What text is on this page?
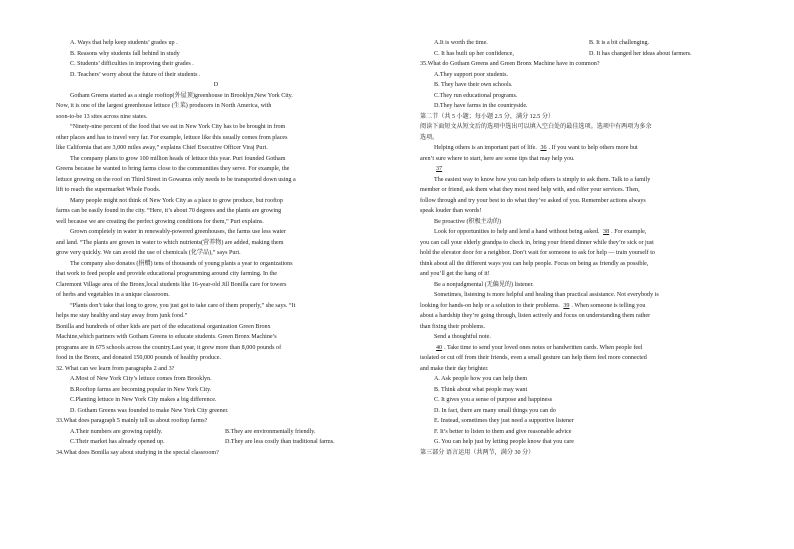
A. Ways that help keep students’ grades up .
B. Reasons why students fall behind in study
C. Students’ difficulties in improving their grades .
D. Teachers’ worry about the future of their students .
D
Gotham Greens started as a single rooftop(外屋顶)greenhouse in Brooklyn,New York City.
Now, it is one of the largest greenhouse lettuce (生菜) producers in North America, with
soon-to-be 13 sites across nine states.
“Ninety-nine percent of the food that we eat in New York City has to be brought in from
other places and has to travel very far. For example, lettuce like this usually comes from places
like California that are 3,000 miles away,” explains Chief Executive Officer Viraj Puri.
The company plans to grow 100 million heads of lettuce this year. Puri founded Gotham
Greens because he wanted to bring farms close to the communities they serve. For example, the
lettuce growing on the roof on Third Street in Gowanus only needs to be transported down using a
lift to reach the supermarket Whole Foods.
Many people might not think of New York City as a place to grow produce, but rooftop
farms can be easily found in the city. “Here, it’s about 70 degrees and the plants are growing
well because we are creating the perfect growing conditions for them,” Puri explains.
Grown completely in water in renewably-powered greenhouses, the farms use less water
and land. “The plants are grown in water to which nutrients(营养物) are added, making them
grow very quickly. We can avoid the use of chemicals (化学品),” says Puri.
The company also donates (捐赠) tens of thousands of young plants a year to organizations
that work to feed people and provide educational programming around city farming. In the
Claremont Village area of the Bronx,local students like 16-year-old Jill Bonilla care for towers
of herbs and vegetables in a unique classroom.
“Plants don’t take that long to grow, you just got to take care of them properly,” she says. “It
helps me stay healthy and stay away from junk food.”
Bonilla and hundreds of other kids are part of the educational organization Green Bronx
Machine,which partners with Gotham Greens to educate students. Green Bronx Machine’s
programs are in 675 schools across the country.Last year, it grew more than 8,000 pounds of
food in the Bronx, and donated 150,000 pounds of healthy produce.
32. What can we learn from paragraphs 2 and 3?
A.Most of New York City’s lettuce comes from Brooklyn.
B.Rooftop farms are becoming popular in New York City.
C.Planting lettuce in New York City makes a big difference.
D. Gotham Greens was founded to make New York City greener.
33.What does paragraph 5 mainly tell us about rooftop farms?
A.Their numbers are growing rapidly.	B.They are environmentally friendly.
C.Their market has already opened up.	D.They are less costly than traditional farms.
34.What does Bonilla say about studying in the special classroom?
A.It is worth the time.	B. It is a bit challenging.
C. It has built up her confidence,	D. It has changed her ideas about farmers.
35.What do Gotham Greens and Green Bronx Machine have in common?
A.They support poor students.
B. They have their own schools.
C.They run educational programs.
D.They have farms in the countryside.
第二节（共 5 小题；每小题 2.5 分，满分 12.5 分）
阅读下面短文从短文后的选项中选出可以填入空白处的最佳选项。选项中有两项为多余
选项。
Helping others is an important part of life. 36 . If you want to help others more but
aren’t sure where to start, here are some tips that may help you.
37
The easiest way to know how you can help others is simply to ask them. Talk to a family
member or friend, ask them what they most need help with, and offer your services. Then,
follow through and try your best to do what they’ve asked of you. Remember actions always
speak louder than words!
Be proactive (积极主动的)
Look for opportunities to help and lend a hand without being asked. 38 . For example,
you can call your elderly grandpa to check in, bring your friend dinner while they’re sick or just
hold the elevator door for a neighbor. Don’t wait for someone to ask for help — train yourself to
think about all the different ways you can help people. Focus on being as friendly as possible,
and you’ll get the hang of it!
Be a nonjudgmental (无偏见的) listener.
Sometimes, listening is more helpful and healing than practical assistance. Not everybody is
looking for hands-on help or a solution to their problems. 39 . When someone is telling you
about a hardship they’re going through, listen actively and focus on understanding them rather
than fixing their problems.
Send a thoughtful note.
40 . Take time to send your loved ones notes or handwritten cards. When people feel
isolated or cut off from their friends, even a small gesture can help them feel more connected
and make their day brighter.
A. Ask people how you can help them
B. Think about what people may want
C. It gives you a sense of purpose and happiness
D. In fact, there are many small things you can do
E. Instead, sometimes they just need a supportive listener
F. It’s better to listen to them and give reasonable advice
G. You can help just by letting people know that you care
第三部分 语言运用（共两节，满分 30 分）
